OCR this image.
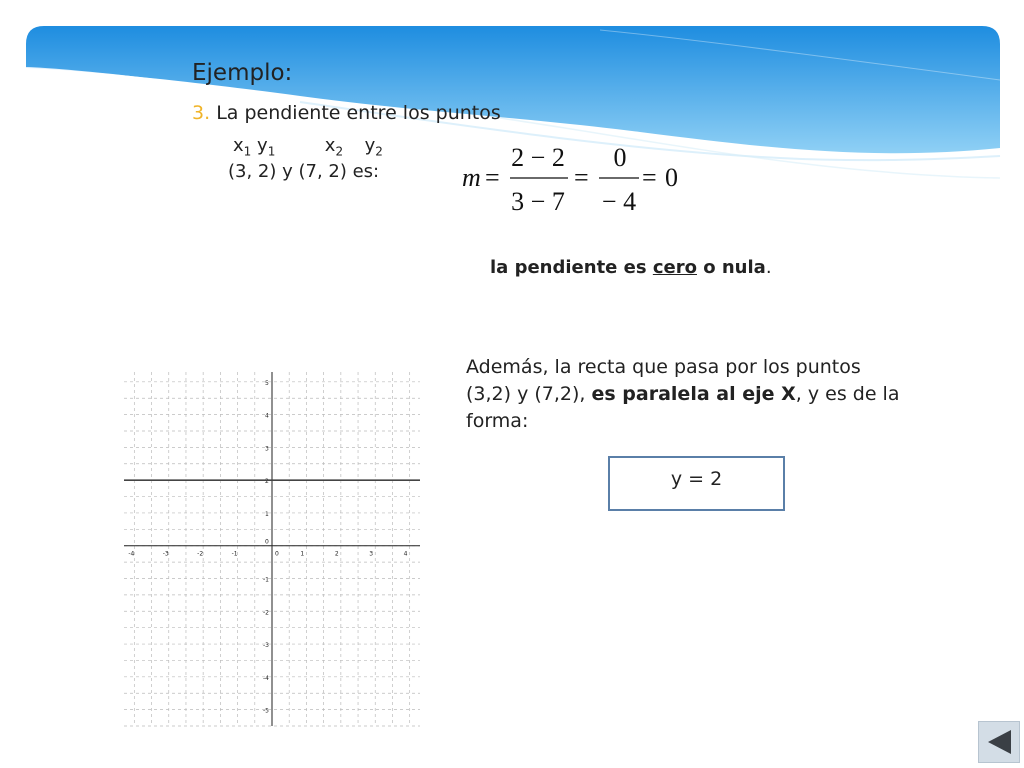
Ejemplo:
3. La pendiente entre los puntos
$x_1$ $y_1$	$x_2$ $y_2$
(3, 2) y (7, 2) es:	m =
2 − 2
3 − 7
=
0
− 4
= 0
la pendiente es cero o nula.
Además, la recta que pasa por los puntos (3,2) y (7,2), es paralela al eje X, y es de la forma:
y = 2
-4	-3	-2	-1	0	1	2	3	4
5
4
3
2
1
0
-1
-2
-3
-4
-5
